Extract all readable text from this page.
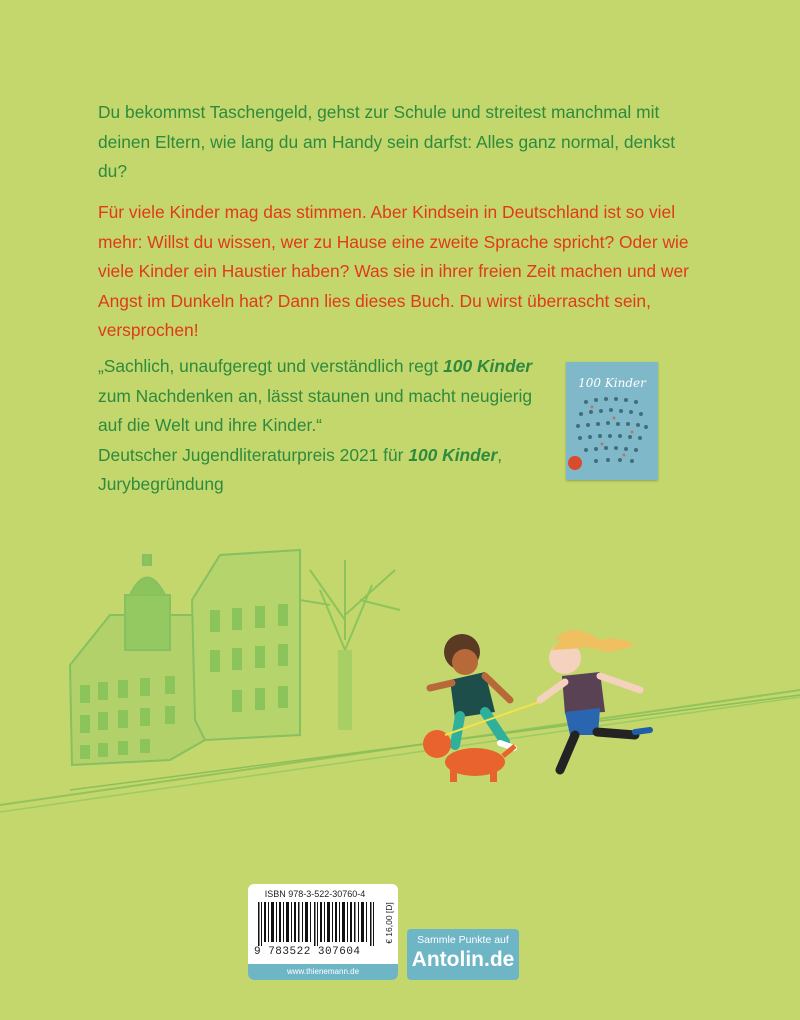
Du bekommst Taschengeld, gehst zur Schule und streitest manchmal mit deinen Eltern, wie lang du am Handy sein darfst: Alles ganz normal, denkst du?

Für viele Kinder mag das stimmen. Aber Kindsein in Deutschland ist so viel mehr: Willst du wissen, wer zu Hause eine zweite Sprache spricht? Oder wie viele Kinder ein Haustier haben? Was sie in ihrer freien Zeit machen und wer Angst im Dunkeln hat? Dann lies dieses Buch. Du wirst überrascht sein, versprochen!

„Sachlich, unaufgeregt und verständlich regt 100 Kinder zum Nachdenken an, lässt staunen und macht neugierig auf die Welt und ihre Kinder.“
Deutscher Jugendliteraturpreis 2021 für 100 Kinder,
Jurybegründung
100 Kinder
ISBN 978-3-522-30760-4
9 783522 307604
€ 16,00 [D]
www.thienemann.de
Sammle Punkte auf
Antolin.de
